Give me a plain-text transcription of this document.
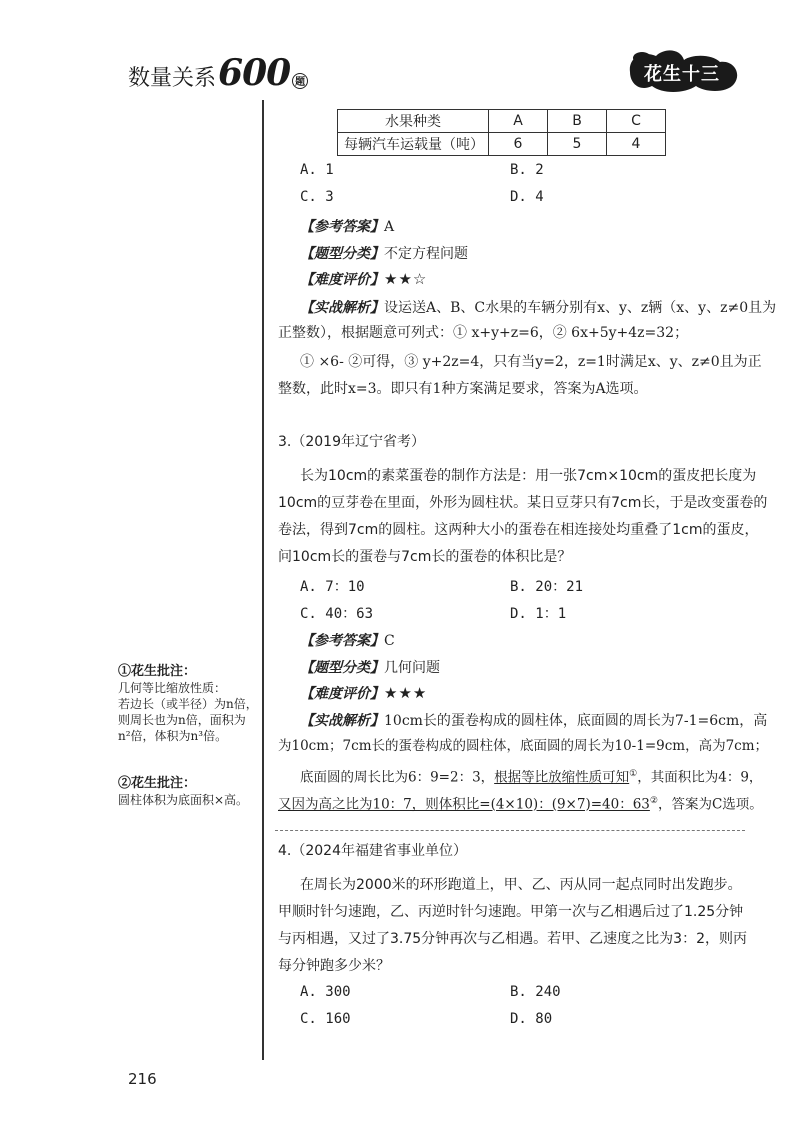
数量关系 600 题	花生十三
水果种类	A	B	C
每辆汽车运载量（吨）	6	5	4
A. 1	B. 2
C. 3	D. 4
【参考答案】A
【题型分类】不定方程问题
【难度评价】★★☆
【实战解析】设运送A、B、C水果的车辆分别有x、y、z辆（x、y、z≠0且为
正整数），根据题意可列式：① x+y+z=6，② 6x+5y+4z=32；
① ×6- ②可得，③ y+2z=4，只有当y=2，z=1时满足x、y、z≠0且为正
整数，此时x=3。即只有1种方案满足要求，答案为A选项。
3.（2019年辽宁省考）
长为10cm的素菜蛋卷的制作方法是：用一张7cm×10cm的蛋皮把长度为
10cm的豆芽卷在里面，外形为圆柱状。某日豆芽只有7cm长，于是改变蛋卷的
卷法，得到7cm的圆柱。这两种大小的蛋卷在相连接处均重叠了1cm的蛋皮，
问10cm长的蛋卷与7cm长的蛋卷的体积比是？
A. 7：10	B. 20：21
C. 40：63	D. 1：1
【参考答案】C
【题型分类】几何问题
【难度评价】★★★
【实战解析】10cm长的蛋卷构成的圆柱体，底面圆的周长为7-1=6cm，高
为10cm；7cm长的蛋卷构成的圆柱体，底面圆的周长为10-1=9cm，高为7cm；
底面圆的周长比为6：9=2：3，根据等比放缩性质可知①，其面积比为4：9，
又因为高之比为10：7，则体积比=(4×10)：(9×7)=40：63②，答案为C选项。
①花生批注：
几何等比缩放性质：
若边长（或半径）为n倍，
则周长也为n倍，面积为
n²倍，体积为n³倍。
②花生批注：
圆柱体积为底面积×高。
4.（2024年福建省事业单位）
在周长为2000米的环形跑道上，甲、乙、丙从同一起点同时出发跑步。
甲顺时针匀速跑，乙、丙逆时针匀速跑。甲第一次与乙相遇后过了1.25分钟
与丙相遇，又过了3.75分钟再次与乙相遇。若甲、乙速度之比为3：2，则丙
每分钟跑多少米？
A. 300	B. 240
C. 160	D. 80
216
